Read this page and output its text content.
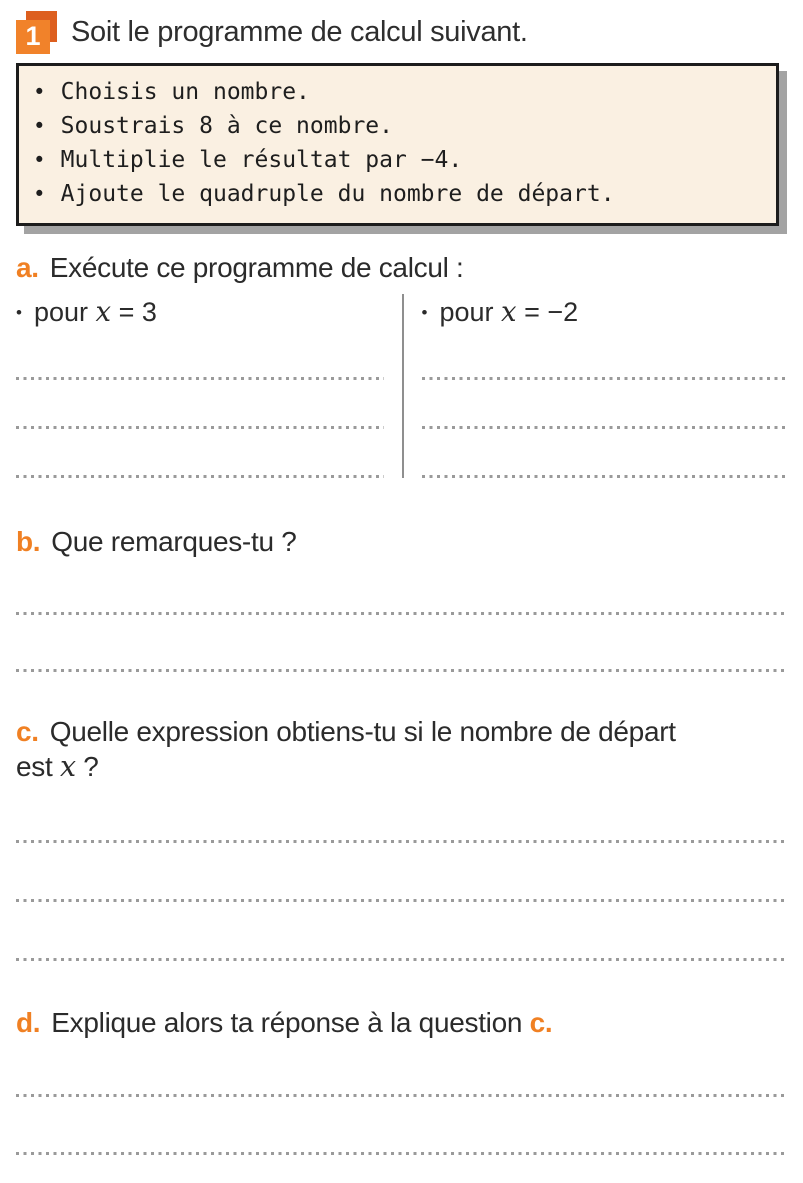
1 Soit le programme de calcul suivant.
• Choisis un nombre.
• Soustrais 8 à ce nombre.
• Multiplie le résultat par −4.
• Ajoute le quadruple du nombre de départ.
a. Exécute ce programme de calcul :
• pour x = 3	• pour x = −2
b. Que remarques-tu ?
c. Quelle expression obtiens-tu si le nombre de départ
est x ?
d. Explique alors ta réponse à la question c.
